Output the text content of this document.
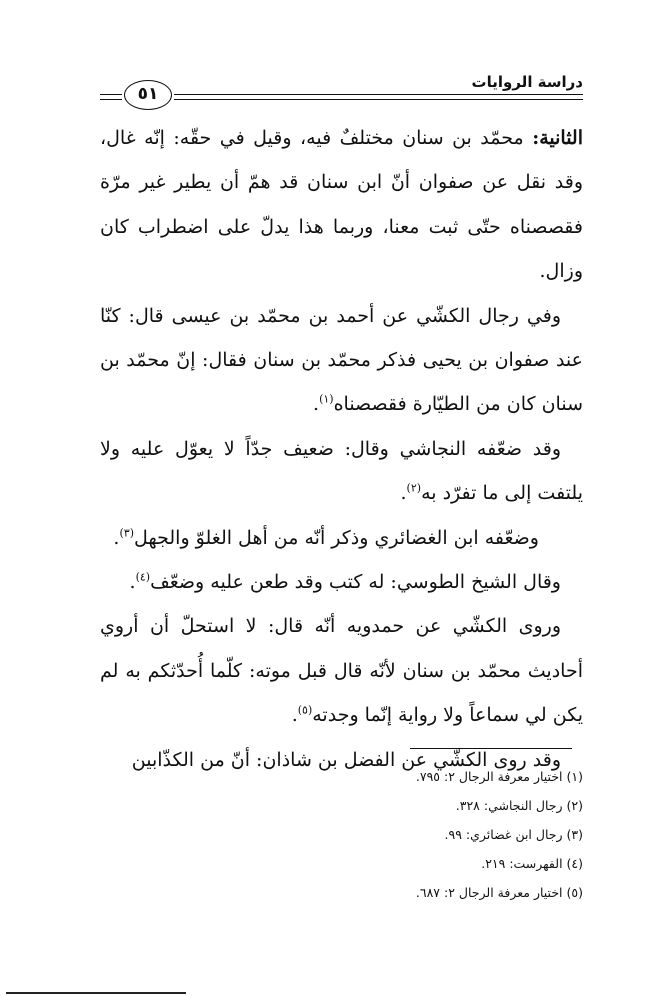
دراسة الروايات
٥١

الثانية: محمّد بن سنان مختلفٌ فيه، وقيل في حقّه: إنّه غال، وقد نقل عن صفوان أنّ ابن سنان قد همّ أن يطير غير مرّة فقصصناه حتّى ثبت معنا، وربما هذا يدلّ على اضطراب كان وزال.

وفي رجال الكشّي عن أحمد بن محمّد بن عيسى قال: كنّا عند صفوان بن يحيى فذكر محمّد بن سنان فقال: إنّ محمّد بن سنان كان من الطيّارة فقصصناه$^{(١)}$.

وقد ضعّفه النجاشي وقال: ضعيف جدّاً لا يعوّل عليه ولا يلتفت إلى ما تفرّد به$^{(٢)}$.

وضعّفه ابن الغضائري وذكر أنّه من أهل الغلوّ والجهل$^{(٣)}$.

وقال الشيخ الطوسي: له كتب وقد طعن عليه وضعّف$^{(٤)}$.

وروى الكشّي عن حمدويه أنّه قال: لا استحلّ أن أروي أحاديث محمّد بن سنان لأنّه قال قبل موته: كلّما أُحدّثكم به لم يكن لي سماعاً ولا رواية إنّما وجدته$^{(٥)}$.

وقد روى الكشّي عن الفضل بن شاذان: أنّ من الكذّابين

(١) اختيار معرفة الرجال ٢: ٧٩٥.

(٢) رجال النجاشي: ٣٢٨.

(٣) رجال ابن غضائري: ٩٩.

(٤) الفهرست: ٢١٩.

(٥) اختيار معرفة الرجال ٢: ٦٨٧.
